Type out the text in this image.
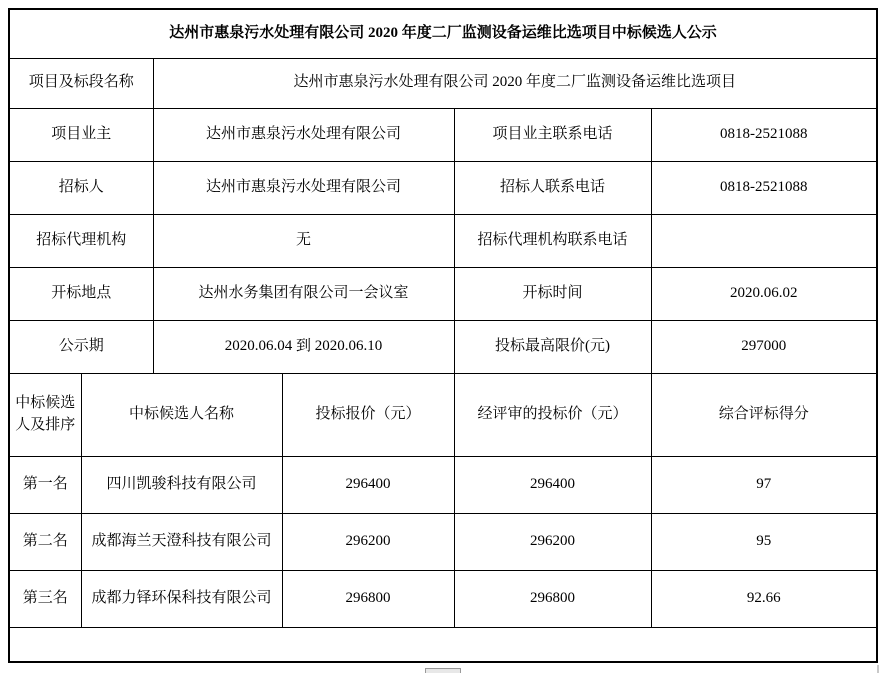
达州市惠泉污水处理有限公司 2020 年度二厂监测设备运维比选项目中标候选人公示					
项目及标段名称		达州市惠泉污水处理有限公司 2020 年度二厂监测设备运维比选项目			
项目业主		达州市惠泉污水处理有限公司		项目业主联系电话	0818-2521088
招标人		达州市惠泉污水处理有限公司		招标人联系电话	0818-2521088
招标代理机构		无		招标代理机构联系电话	
开标地点		达州水务集团有限公司一会议室		开标时间	2020.06.02
公示期		2020.06.04 到 2020.06.10		投标最高限价(元)	297000
中标候选人及排序	中标候选人名称		投标报价（元）	经评审的投标价（元）	综合评标得分
第一名	四川凯骏科技有限公司		296400	296400	97
第二名	成都海兰天澄科技有限公司		296200	296200	95
第三名	成都力铎环保科技有限公司		296800	296800	92.66
